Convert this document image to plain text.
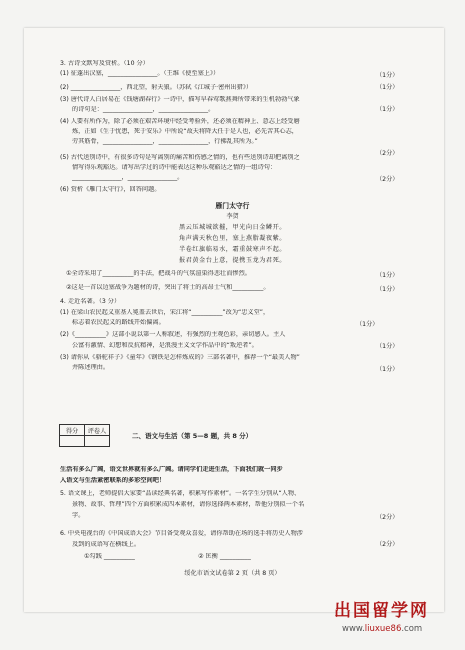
3. 古诗文默写及赏析。（10 分）
(1) 征蓬出汉塞，________________。（王维《使至塞上》）	（1分）
(2) ________________，西北望，射天狼。（苏轼《江城子·密州出猎》）	（1分）
(3) 唐代诗人白居易在《钱塘湖春行》一诗中，描写早春莺歌燕舞所带来的生机勃勃气象
的诗句是：________________，________________。	（1分）
(4) 人要有所作为，除了必须在艰苦环境中经受考验外，还必须在精神上、意志上经受磨
炼，正如《生于忧患，死于安乐》中所说“故天将降大任于是人也，必先苦其心志，
劳其筋骨，________________，________________，行拂乱其所为。”
（2分）
(5) 古代送别诗中，有很多诗句是写离别的痛苦和伤感之情的，也有些送别诗却把离别之
情写得乐观豁达。请写出学过的诗中能表达这种乐观豁达之情的一组诗句：
________________，________________。	（2分）
(6) 赏析《雁门太守行》，回答问题。
雁门太守行
李贺
黑云压城城欲摧，甲光向日金鳞开。
角声满天秋色里，塞上燕脂凝夜紫。
半卷红旗临易水，霜重鼓寒声不起。
报君黄金台上意，提携玉龙为君死。
①全诗采用了__________的手法，把战斗的气氛渲染得悲壮而惨烈。	（1分）
②这是一首以边塞战争为题材的诗，突出了将士的高昂士气和__________。	（1分）
4. 走近名著。（3 分）
(1) 在梁山农民起义重基人冕盖去世后，宋江将“__________”改为“忠义堂”，
标志着农民起义的路线开始偏离。	（1分）
(2)《__________》这部小说以第一人称叙述，有强烈的主观色彩，亲切感人。主人
公富有激情、幻想和反抗精神，是浪漫主义文学作品中的“叛逆者”。	（1分）
(3) 请你从《骆驼祥子》《童年》《钢铁是怎样炼成的》三部名著中，推荐一个“最美人物”
并陈述理由。	（1分）
得分	评卷人

二、语文与生活（第 5—8 题，共 8 分）
生活有多么广阔，语文世界就有多么广阔。请同学们走进生活，下面我们就一同步
入语文与生活紧密联系的多彩空间吧！
5. 语文课上，老师提倡大家要“品读经典名著，积累写作素材”。一名学生分别从“人物、
景物、故事、哲理”四个方面积累成四本素材，请你选择两本素材，帮他分别拟一个名
字。	（2分）
6. 中央电视台的《中国成语大会》节目备受观众喜爱，请你帮助在场的选手将历史人物涉
及到的成语写在横线上。	（2分）
①勾践 __________	② 匡衡 __________
绥化市语文试卷第 2 页（共 8 页）
出国留学网
www.liuxue86.com
